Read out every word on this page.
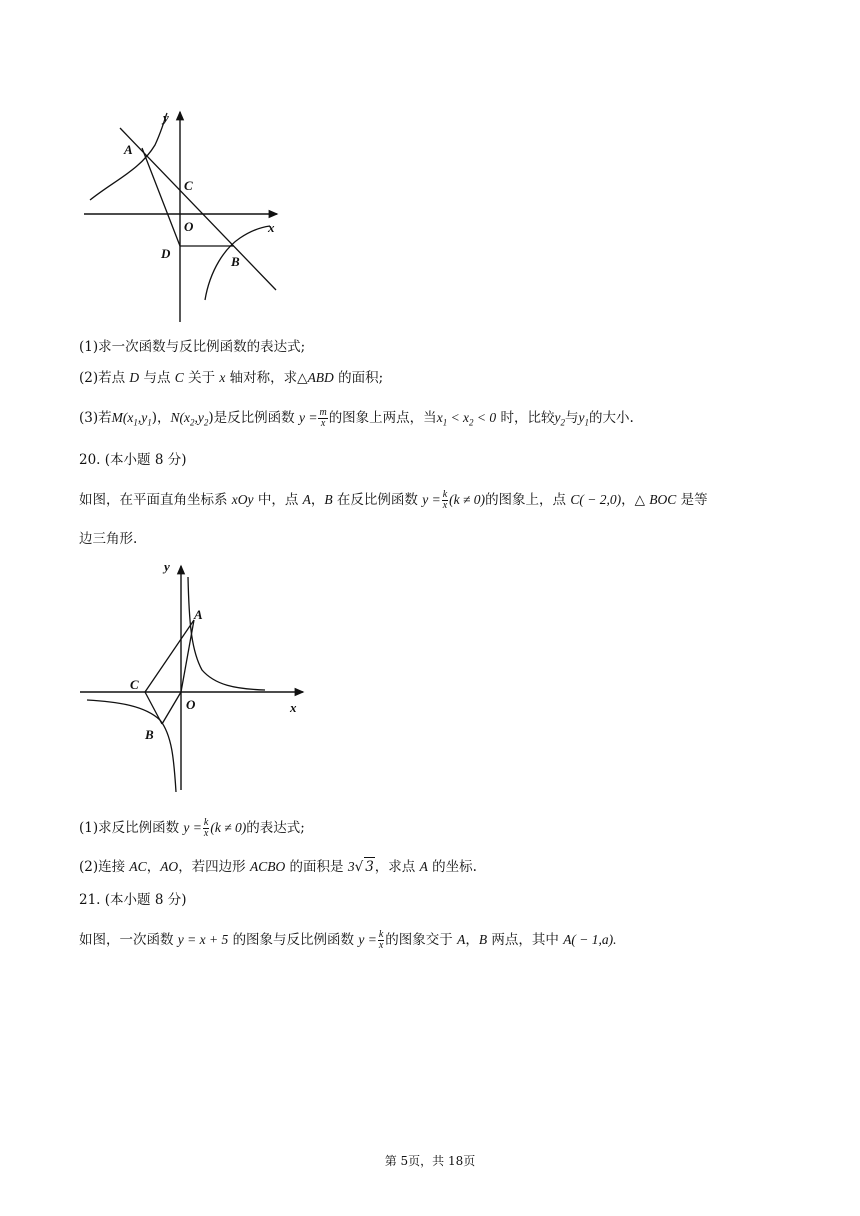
y
x
A
C
O
D
B
(1)求一次函数与反比例函数的表达式;
(2)若点 D 与点 C 关于 x 轴对称，求△ABD 的面积;
(3)若$M(x_1,y_1)$，$N(x_2,y_2)$是反比例函数 $y = \frac{m}{x}$ 的图象上两点，当$x_1 < x_2 < 0$ 时，比较$y_2$与$y_1$的大小.
20. (本小题 8 分)
如图，在平面直角坐标系 xOy 中，点 A，B 在反比例函数 $y = \frac{k}{x} (k \ne 0)$的图象上，点 C( − 2,0)，△ BOC 是等
边三角形.
y
x
A
C
O
B
(1)求反比例函数 $y = \frac{k}{x} (k \ne 0)$的表达式;
(2)连接 AC，AO，若四边形 ACBO 的面积是 3√ 3，求点 A 的坐标.
21. (本小题 8 分)
如图，一次函数 y = x + 5 的图象与反比例函数 $y = \frac{k}{x}$ 的图象交于 A，B 两点，其中 A( − 1,a).
第 5页，共 18页
